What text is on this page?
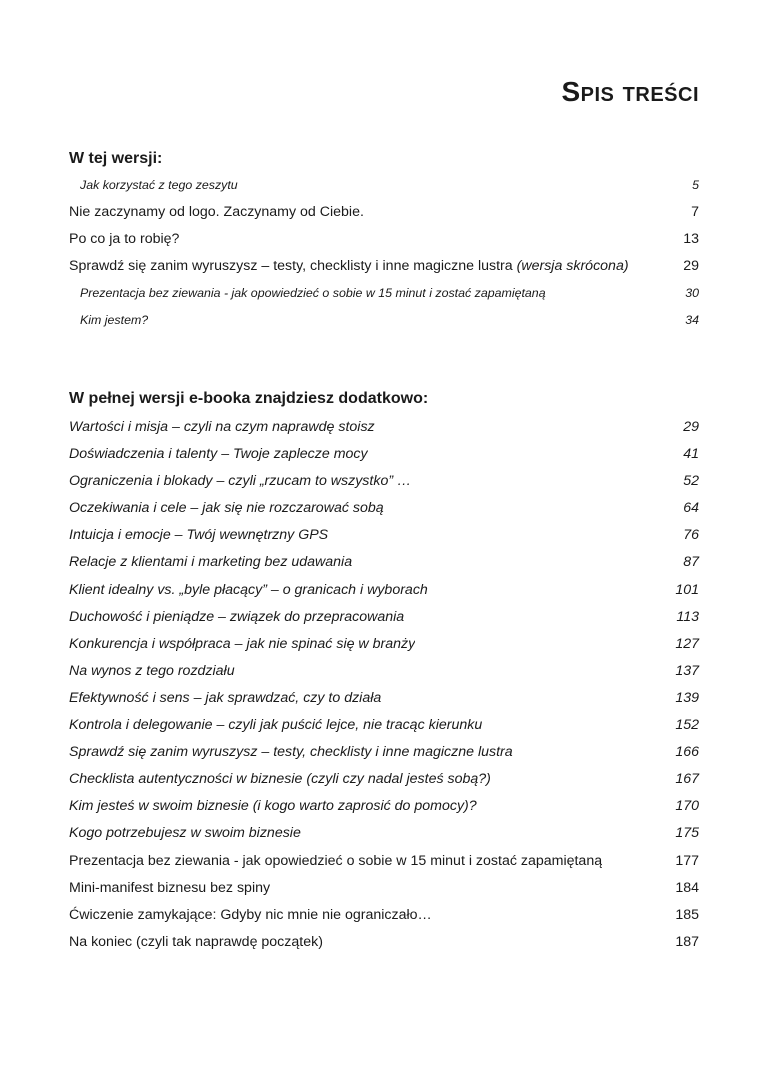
Spis treści
W tej wersji:
Jak korzystać z tego zeszytu	5
Nie zaczynamy od logo. Zaczynamy od Ciebie.	7
Po co ja to robię?	13
Sprawdź się zanim wyruszysz – testy, checklisty i inne magiczne lustra (wersja skrócona)	29
Prezentacja bez ziewania - jak opowiedzieć o sobie w 15 minut i zostać zapamiętaną	30
Kim jestem?	34
W pełnej wersji e-booka znajdziesz dodatkowo:
Wartości i misja – czyli na czym naprawdę stoisz	29
Doświadczenia i talenty – Twoje zaplecze mocy	41
Ograniczenia i blokady – czyli „rzucam to wszystko” …	52
Oczekiwania i cele – jak się nie rozczarować sobą	64
Intuicja i emocje – Twój wewnętrzny GPS	76
Relacje z klientami i marketing bez udawania	87
Klient idealny vs. „byle płacący” – o granicach i wyborach	101
Duchowość i pieniądze – związek do przepracowania	113
Konkurencja i współpraca – jak nie spinać się w branży	127
Na wynos z tego rozdziału	137
Efektywność i sens – jak sprawdzać, czy to działa	139
Kontrola i delegowanie – czyli jak puścić lejce, nie tracąc kierunku	152
Sprawdź się zanim wyruszysz – testy, checklisty i inne magiczne lustra	166
Checklista autentyczności w biznesie (czyli czy nadal jesteś sobą?)	167
Kim jesteś w swoim biznesie (i kogo warto zaprosić do pomocy)?	170
Kogo potrzebujesz w swoim biznesie	175
Prezentacja bez ziewania - jak opowiedzieć o sobie w 15 minut i zostać zapamiętaną	177
Mini-manifest biznesu bez spiny	184
Ćwiczenie zamykające: Gdyby nic mnie nie ograniczało…	185
Na koniec (czyli tak naprawdę początek)	187
